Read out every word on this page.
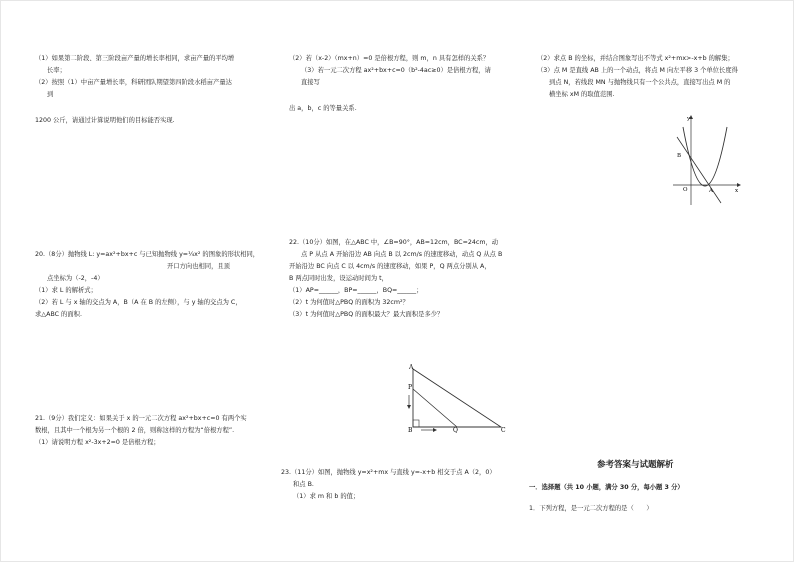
（1）如果第二阶段、第三阶段亩产量的增长率相同，求亩产量的平均增

长率；

（2）按照（1）中亩产量增长率，科研团队期望第四阶段水稻亩产量达

到

1200 公斤，请通过计算说明他们的目标能否实现.

20.（8分）抛物线 L: y=ax²+bx+c 与已知抛物线 y=¼x² 的图象的形状相同，

开口方向也相同，且顶

点坐标为（-2，-4）

（1）求 L 的解析式；

（2）若 L 与 x 轴的交点为 A，B（A 在 B 的左侧），与 y 轴的交点为 C，

求△ABC 的面积.

21.（9分）我们定义：如果关于 x 的一元二次方程 ax²+bx+c=0 有两个实

数根，且其中一个根为另一个根的 2 倍，则称这样的方程为“倍根方程”.

（1）请说明方程 x²-3x+2=0 是倍根方程；

（2）若（x-2）（mx+n）=0 是倍根方程，则 m，n 具有怎样的关系？

（3）若一元二次方程 ax²+bx+c=0（b²-4ac≥0）是倍根方程，请

直接写

出 a，b，c 的等量关系.

22.（10分）如图，在△ABC 中，∠B=90°，AB=12cm，BC=24cm，动

点 P 从点 A 开始沿边 AB 向点 B 以 2cm/s 的速度移动，动点 Q 从点 B

开始沿边 BC 向点 C 以 4cm/s 的速度移动，如果 P，Q 两点分别从 A，

B 两点同时出发，设运动时间为 t，

（1）AP=______，BP=______，BQ=______；

（2）t 为何值时△PBQ 的面积为 32cm²？

（3）t 为何值时△PBQ 的面积最大？最大面积是多少？

A
P
B	Q	C

23.（11分）如图，抛物线 y=x²+mx 与直线 y=-x+b 相交于点 A（2，0）

和点 B.

（1）求 m 和 b 的值；

（2）求点 B 的坐标，并结合图象写出不等式 x²+mx>-x+b 的解集；

（3）点 M 是直线 AB 上的一个动点，将点 M 向左平移 3 个单位长度得

到点 N，若线段 MN 与抛物线只有一个公共点，直接写出点 M 的

横坐标 xM 的取值范围.

y
x
O	A
B
参考答案与试题解析
一．选择题（共 10 小题，满分 30 分，每小题 3 分）
1．下列方程，是一元二次方程的是（　　）
